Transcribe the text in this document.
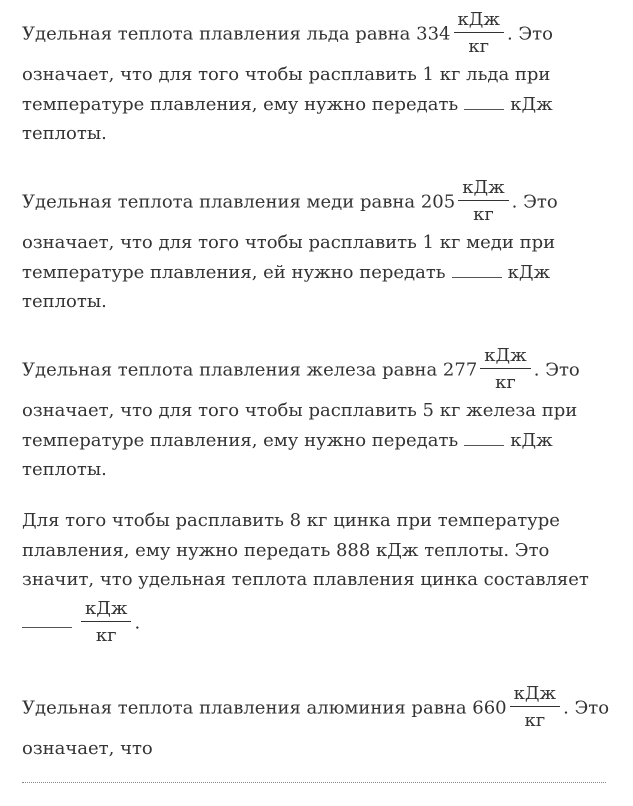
Удельная теплота плавления льда равна $334 \frac{\text{кДж}}{кг}$ . Это
означает, что для того чтобы расплавить 1 кг льда при
температуре плавления, ему нужно передать	кДж
теплоты.
Удельная теплота плавления меди равна $205 \frac{\text{кДж}}{кг}$ . Это
означает, что для того чтобы расплавить 1 кг меди при
температуре плавления, ей нужно передать	кДж
теплоты.
Удельная теплота плавления железа равна $277 \frac{\text{кДж}}{кг}$ . Это
означает, что для того чтобы расплавить 5 кг железа при
температуре плавления, ему нужно передать	кДж
теплоты.
Для того чтобы расплавить 8 кг цинка при температуре
плавления, ему нужно передать 888 кДж теплоты. Это
значит, что удельная теплота плавления цинка составляет
$\frac{\text{кДж}}{кг}$ .
Удельная теплота плавления алюминия равна $660 \frac{\text{кДж}}{кг}$ . Это
означает, что
